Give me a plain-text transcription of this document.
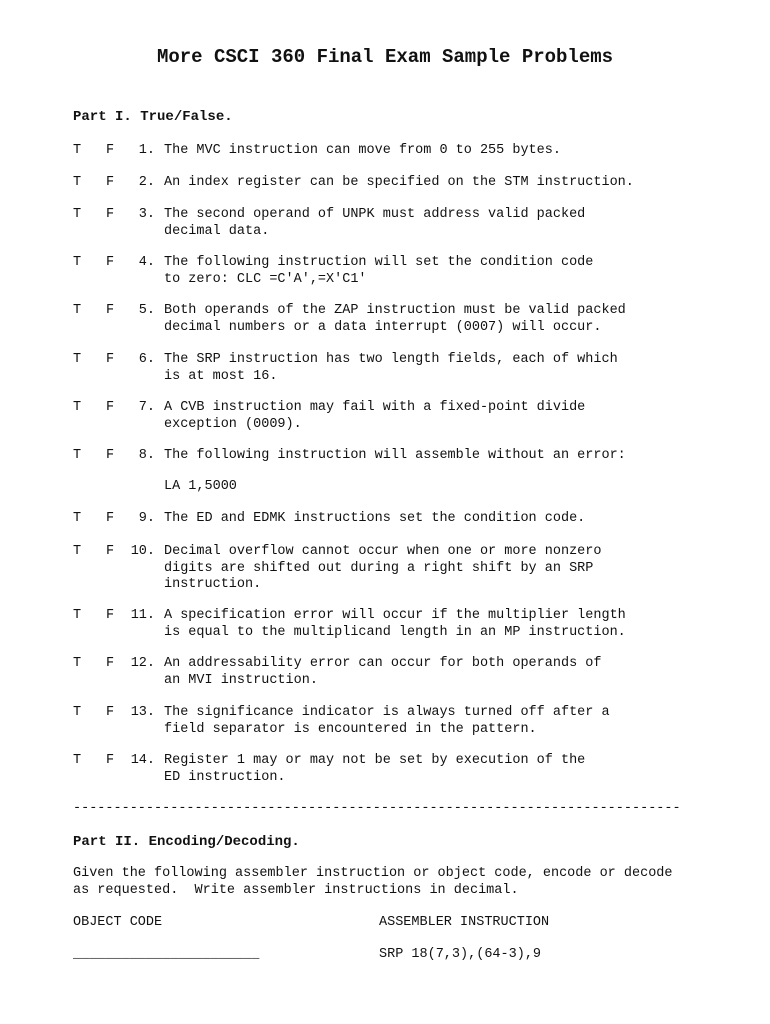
More CSCI 360 Final Exam Sample Problems
Part I. True/False.
T F	1. The MVC instruction can move from 0 to 255 bytes.
T F	2. An index register can be specified on the STM instruction.
T F	3. The second operand of UNPK must address valid packed
decimal data.
T F	4. The following instruction will set the condition code
to zero: CLC =C'A',=X'C1'
T F	5. Both operands of the ZAP instruction must be valid packed
decimal numbers or a data interrupt (0007) will occur.
T F	6. The SRP instruction has two length fields, each of which
is at most 16.
T F	7. A CVB instruction may fail with a fixed-point divide
exception (0009).
T F	8. The following instruction will assemble without an error:
LA 1,5000
T F	9. The ED and EDMK instructions set the condition code.
T F 10. Decimal overflow cannot occur when one or more nonzero
digits are shifted out during a right shift by an SRP
instruction.
T F 11. A specification error will occur if the multiplier length
is equal to the multiplicand length in an MP instruction.
T F 12. An addressability error can occur for both operands of
an MVI instruction.
T F 13. The significance indicator is always turned off after a
field separator is encountered in the pattern.
T F 14. Register 1 may or may not be set by execution of the
ED instruction.
---------------------------------------------------------------------------
Part II. Encoding/Decoding.
Given the following assembler instruction or object code, encode or decode
as requested.  Write assembler instructions in decimal.
OBJECT CODE	ASSEMBLER INSTRUCTION
_______________________	SRP 18(7,3),(64-3),9
